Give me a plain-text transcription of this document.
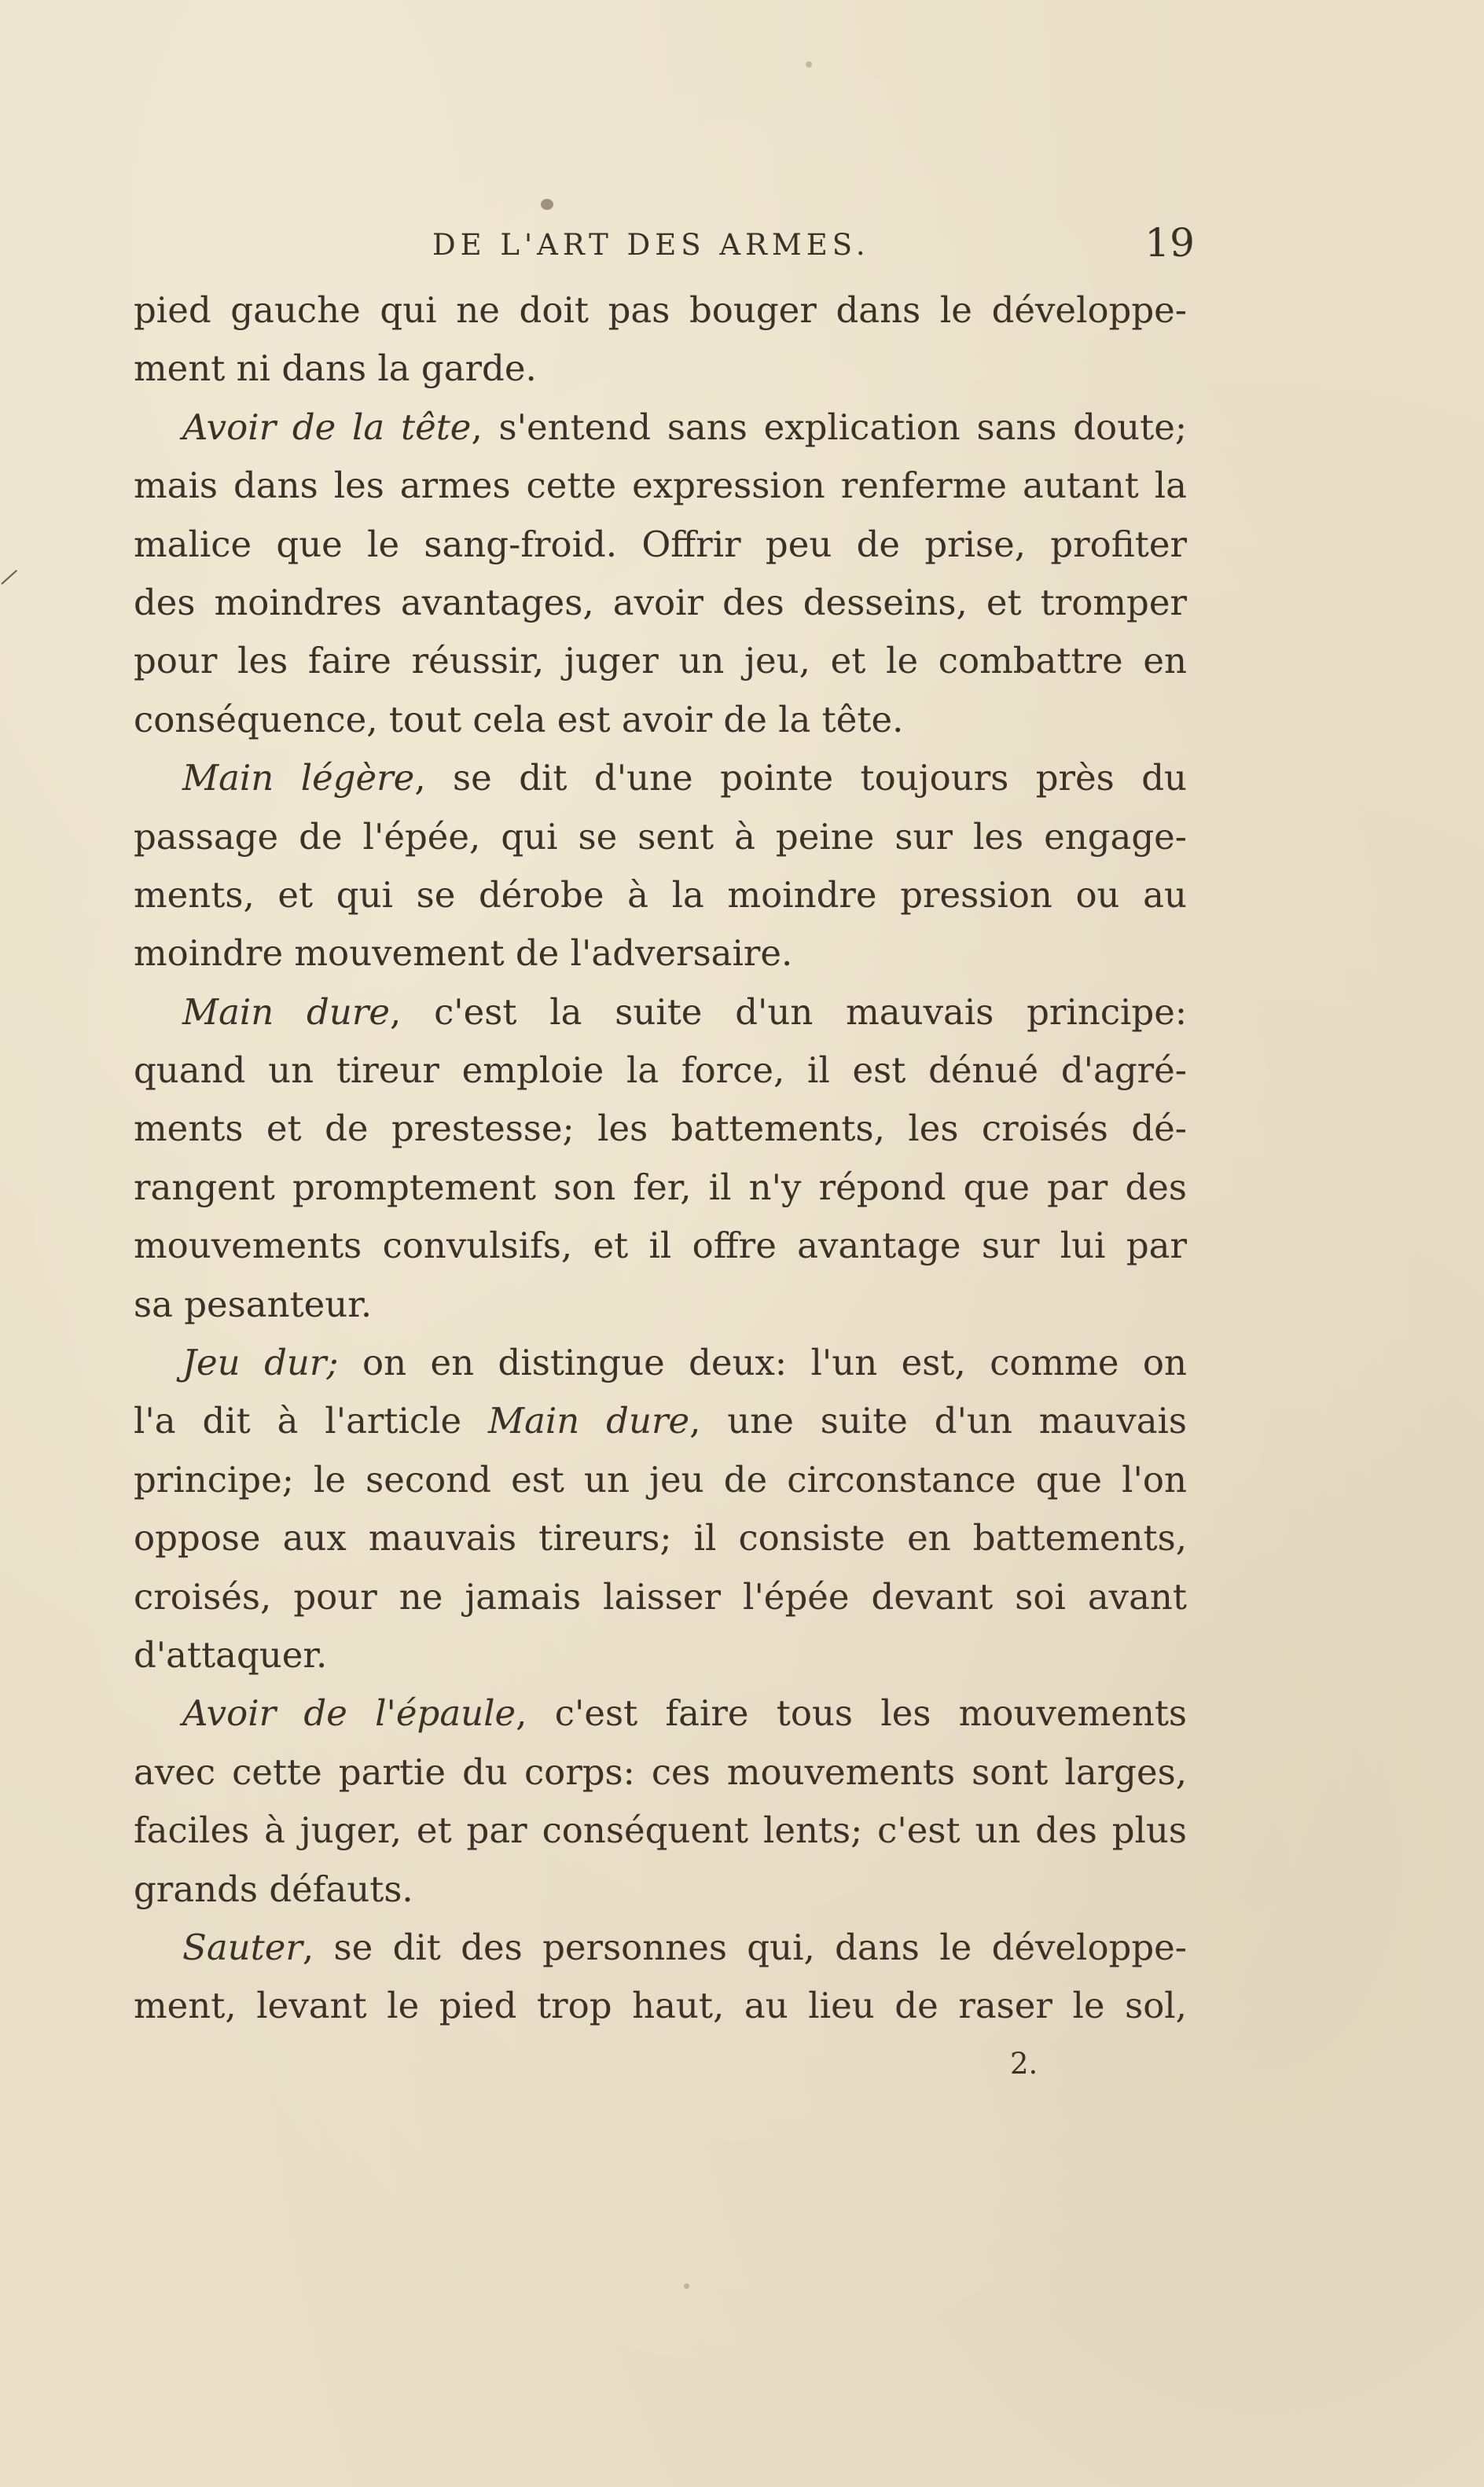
DE L'ART DES ARMES.	19
pied gauche qui ne doit pas bouger dans le développe-
ment ni dans la garde.
Avoir de la tête, s'entend sans explication sans doute;
mais dans les armes cette expression renferme autant la
malice que le sang-froid. Offrir peu de prise, profiter
des moindres avantages, avoir des desseins, et tromper
pour les faire réussir, juger un jeu, et le combattre en
conséquence, tout cela est avoir de la tête.
Main légère, se dit d'une pointe toujours près du
passage de l'épée, qui se sent à peine sur les engage-
ments, et qui se dérobe à la moindre pression ou au
moindre mouvement de l'adversaire.
Main dure, c'est la suite d'un mauvais principe:
quand un tireur emploie la force, il est dénué d'agré-
ments et de prestesse; les battements, les croisés dé-
rangent promptement son fer, il n'y répond que par des
mouvements convulsifs, et il offre avantage sur lui par
sa pesanteur.
Jeu dur; on en distingue deux: l'un est, comme on
l'a dit à l'article Main dure, une suite d'un mauvais
principe; le second est un jeu de circonstance que l'on
oppose aux mauvais tireurs; il consiste en battements,
croisés, pour ne jamais laisser l'épée devant soi avant
d'attaquer.
Avoir de l'épaule, c'est faire tous les mouvements
avec cette partie du corps: ces mouvements sont larges,
faciles à juger, et par conséquent lents; c'est un des plus
grands défauts.
Sauter, se dit des personnes qui, dans le développe-
ment, levant le pied trop haut, au lieu de raser le sol,
2.
